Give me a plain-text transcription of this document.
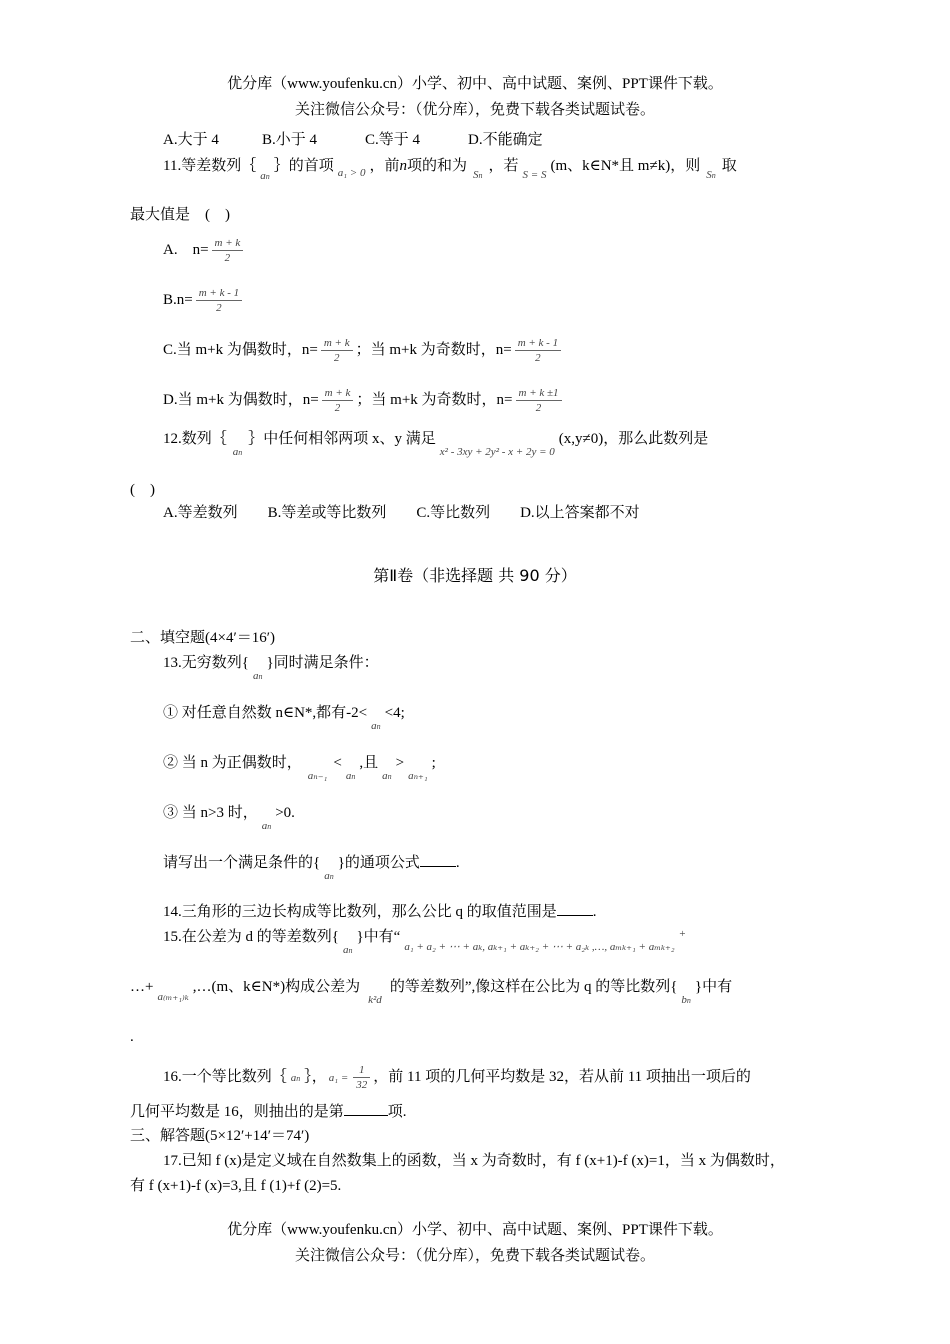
优分库（www.youfenku.cn）小学、初中、高中试题、案例、PPT课件下载。
关注微信公众号：（优分库），免费下载各类试题试卷。
A.大于 4	B.小于 4	C.等于 4	D.不能确定
11.等差数列$\{_{an}\}$的首项 $_{a_1 > 0}$ ，前n项的和为$_{Sn}$，若$_{S = S}$(m、k∈N*且 m≠k)，则$_{Sn}$取
最大值是　(　)
A.　$n= \frac{m + k}{2}$
$B.n= \frac{m + k - 1}{2}$
C.当 m+k 为偶数时，$n= \frac{m + k}{2}$ ；当 m+k 为奇数时，$n= \frac{m + k - 1}{2}$
D.当 m+k 为偶数时，$n= \frac{m + k}{2}$ ；当 m+k 为奇数时，$n= \frac{m + k \pm 1}{2}$
12.数列$\{_{an}\}$中任何相邻两项 x、y 满足$_{x^2 - 3xy + 2y^2 - x + 2y = 0}$(x,y≠0)，那么此数列是
(　)
A.等差数列　　B.等差或等比数列　　C.等比数列　　D.以上答案都不对
第Ⅱ卷（非选择题 共 90 分）
二、填空题(4×4′＝16′)
13.无穷数列$\{_{an}\}$同时满足条件：
① 对任意自然数 n∈N*,都有$-2<_{an}<4$;
② 当 n 为正偶数时，$_{a_{n-1}}<_{an}$,且$_{an}>_{a_{n+1}}$;
③ 当 n>3 时，$_{an}$>0.
请写出一个满足条件的$\{_{an}\}$的通项公式 .
14.三角形的三边长构成等比数列，那么公比 q 的取值范围是 .
15.在公差为 d 的等差数列$\{_{an}\}$中有“$_{a_1 + a_2 + \cdots + a_k, a_{k+1} + a_{k+2} + \cdots + a_{2k} ,\dots, a_{mk+1} + a_{mk+2}}^+$
$\dots+_{a_{(m+1)k}},\dots(m$、k∈N*)构成公差为$_{k^2d}$的等差数列”,像这样在公比为 q 的等比数列$\{_{bn}\}$中有
.
16.一个等比数列｛ an ｝， $a_1 = \frac{1}{32}$ ，前 11 项的几何平均数是 32，若从前 11 项抽出一项后的
几何平均数是 16，则抽出的是第	项.
三、解答题(5×12′+14′＝74′)
17.已知 f (x)是定义域在自然数集上的函数，当 x 为奇数时，有 f (x+1)-f (x)=1，当 x 为偶数时，
有 f (x+1)-f (x)=3,且 f (1)+f (2)=5.
优分库（www.youfenku.cn）小学、初中、高中试题、案例、PPT课件下载。
关注微信公众号：（优分库），免费下载各类试题试卷。
